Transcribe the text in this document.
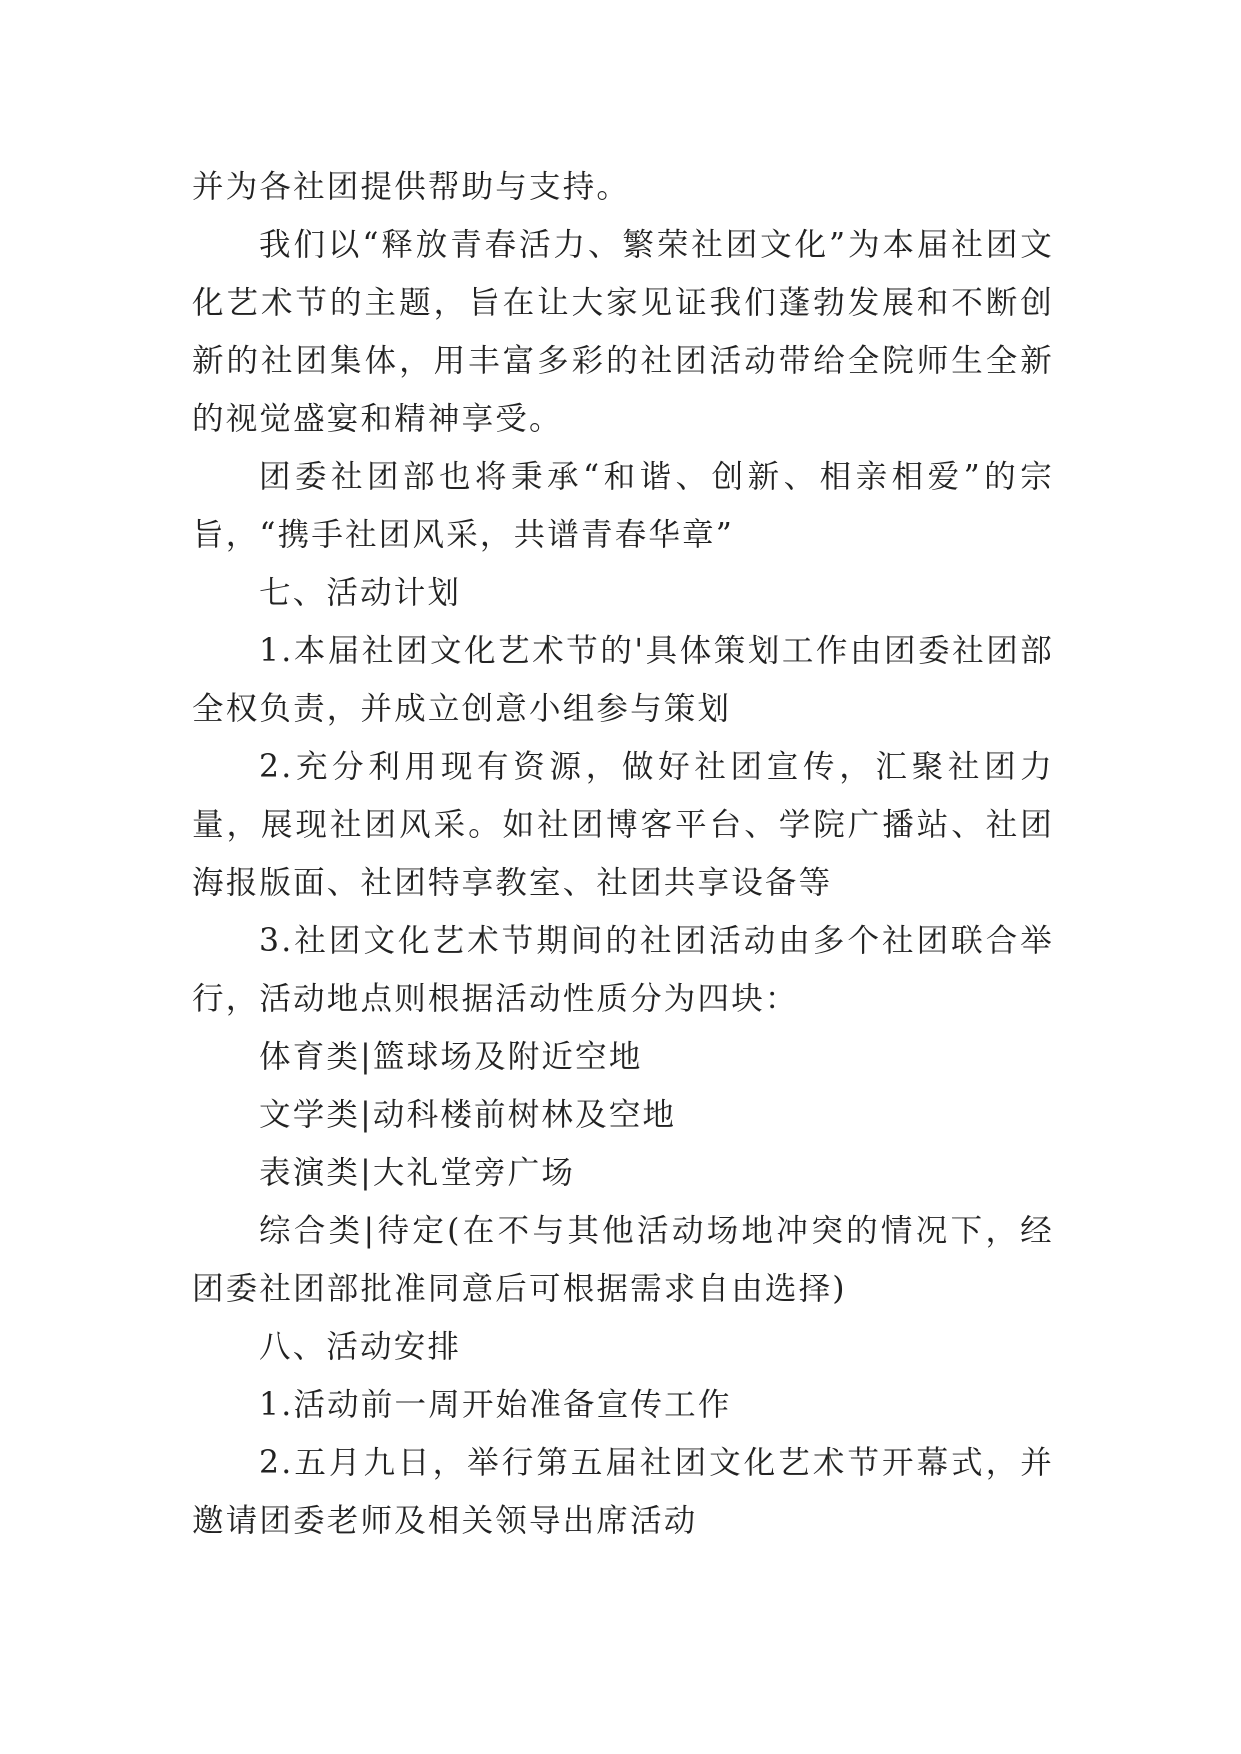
并为各社团提供帮助与支持。

我们以“释放青春活力、繁荣社团文化”为本届社团文化艺术节的主题，旨在让大家见证我们蓬勃发展和不断创新的社团集体，用丰富多彩的社团活动带给全院师生全新的视觉盛宴和精神享受。

团委社团部也将秉承“和谐、创新、相亲相爱”的宗旨，“携手社团风采，共谱青春华章”

七、活动计划

1.本届社团文化艺术节的'具体策划工作由团委社团部全权负责，并成立创意小组参与策划

2.充分利用现有资源，做好社团宣传，汇聚社团力量，展现社团风采。如社团博客平台、学院广播站、社团海报版面、社团特享教室、社团共享设备等

3.社团文化艺术节期间的社团活动由多个社团联合举行，活动地点则根据活动性质分为四块：

体育类|篮球场及附近空地

文学类|动科楼前树林及空地

表演类|大礼堂旁广场

综合类|待定(在不与其他活动场地冲突的情况下，经团委社团部批准同意后可根据需求自由选择)

八、活动安排

1.活动前一周开始准备宣传工作

2.五月九日，举行第五届社团文化艺术节开幕式，并邀请团委老师及相关领导出席活动
